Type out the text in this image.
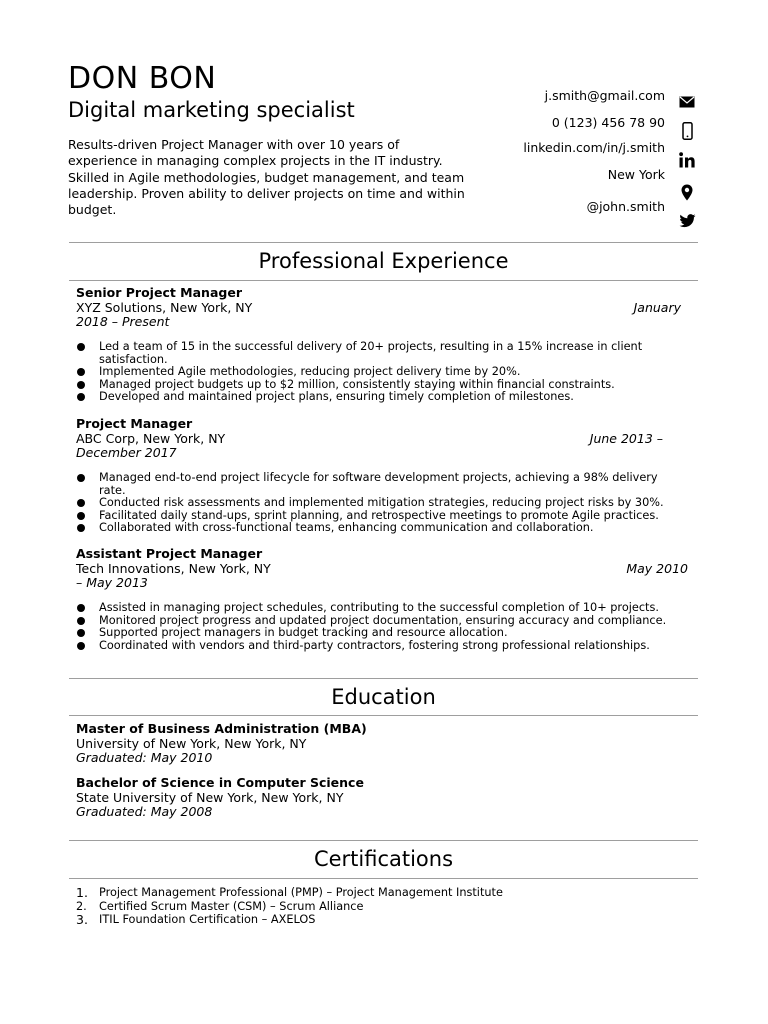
DON BON
Digital marketing specialist
Results-driven Project Manager with over 10 years of experience in managing complex projects in the IT industry. Skilled in Agile methodologies, budget management, and team leadership. Proven ability to deliver projects on time and within budget.
j.smith@gmail.com
0 (123) 456 78 90
linkedin.com/in/j.smith
New York
@john.smith
Professional Experience
Senior Project Manager
XYZ Solutions, New York, NY	January
2018 – Present
Led a team of 15 in the successful delivery of 20+ projects, resulting in a 15% increase in client satisfaction.
Implemented Agile methodologies, reducing project delivery time by 20%.
Managed project budgets up to $2 million, consistently staying within financial constraints.
Developed and maintained project plans, ensuring timely completion of milestones.
Project Manager
ABC Corp, New York, NY	June 2013 –
December 2017
Managed end-to-end project lifecycle for software development projects, achieving a 98% delivery rate.
Conducted risk assessments and implemented mitigation strategies, reducing project risks by 30%.
Facilitated daily stand-ups, sprint planning, and retrospective meetings to promote Agile practices.
Collaborated with cross-functional teams, enhancing communication and collaboration.
Assistant Project Manager
Tech Innovations, New York, NY	May 2010
– May 2013
Assisted in managing project schedules, contributing to the successful completion of 10+ projects.
Monitored project progress and updated project documentation, ensuring accuracy and compliance.
Supported project managers in budget tracking and resource allocation.
Coordinated with vendors and third-party contractors, fostering strong professional relationships.
Education
Master of Business Administration (MBA)
University of New York, New York, NY
Graduated: May 2010
Bachelor of Science in Computer Science
State University of New York, New York, NY
Graduated: May 2008
Certifications
1. Project Management Professional (PMP) – Project Management Institute
2. Certified Scrum Master (CSM) – Scrum Alliance
3. ITIL Foundation Certification – AXELOS
